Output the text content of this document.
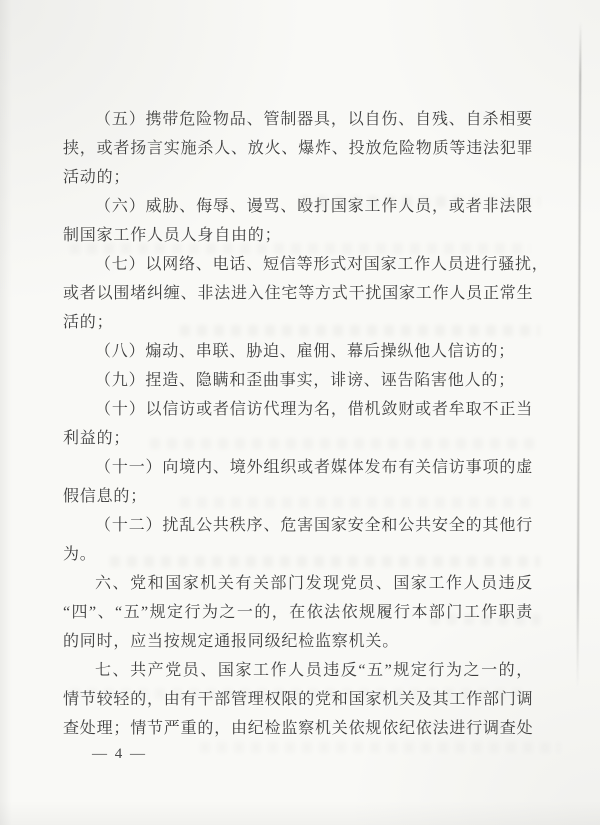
（五）携带危险物品、管制器具，以自伤、自残、自杀相要
挟，或者扬言实施杀人、放火、爆炸、投放危险物质等违法犯罪
活动的；
（六）威胁、侮辱、谩骂、殴打国家工作人员，或者非法限
制国家工作人员人身自由的；
（七）以网络、电话、短信等形式对国家工作人员进行骚扰，
或者以围堵纠缠、非法进入住宅等方式干扰国家工作人员正常生
活的；
（八）煽动、串联、胁迫、雇佣、幕后操纵他人信访的；
（九）捏造、隐瞒和歪曲事实，诽谤、诬告陷害他人的；
（十）以信访或者信访代理为名，借机敛财或者牟取不正当
利益的；
（十一）向境内、境外组织或者媒体发布有关信访事项的虚
假信息的；
（十二）扰乱公共秩序、危害国家安全和公共安全的其他行
为。
六、党和国家机关有关部门发现党员、国家工作人员违反
“四”、“五”规定行为之一的，在依法依规履行本部门工作职责
的同时，应当按规定通报同级纪检监察机关。
七、共产党员、国家工作人员违反“五”规定行为之一的，
情节较轻的，由有干部管理权限的党和国家机关及其工作部门调
查处理；情节严重的，由纪检监察机关依规依纪依法进行调查处
— 4 —
